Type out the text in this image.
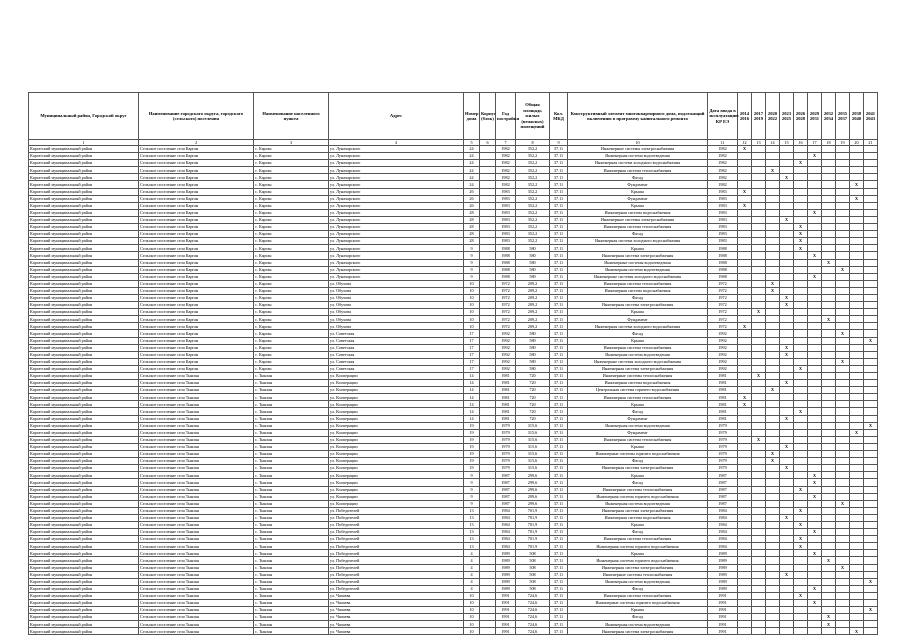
Муниципальный район, Городской округ	Наименование городского округа, городского (сельского) поселения	Наименование населенного пункта	Адрес	Номер дома	Корпус (блок)	Год постройки	Общая площадь жилых (нежилых) помещений	Кол. МКД	Конструктивный элемент многоквартирного дома, подлежащий включению в программу капитального ремонта	Дата ввода в эксплуатацию КР ЕЭ	2014 2016	2017 2019	2020 2022	2023 2025	2026 2028	2029 2031	2032 2034	2035 2037	2038 2040	2041 2043
1	2	3	4	5	6	7	8	9	10	11	12	13	14	15	16	17	18	19	20	21
Каргатский муниципальный район	Сельское поселение села Карган	с. Карган	ул. Луначарского	24		1982	352,2	37.11	Инженерные системы электроснабжения	1982	X									
Каргатский муниципальный район	Сельское поселение села Карган	с. Карган	ул. Луначарского	24		1982	352,2	37.11	Инженерная система водоотведения	1982						X				
Каргатский муниципальный район	Сельское поселение села Карган	с. Карган	ул. Луначарского	24		1982	352,2	37.11	Инженерная система холодного водоснабжения	1982					X					
Каргатский муниципальный район	Сельское поселение села Карган	с. Карган	ул. Луначарского	24		1982	352,2	37.11	Инженерная система теплоснабжения	1982			X							
Каргатский муниципальный район	Сельское поселение села Карган	с. Карган	ул. Луначарского	24		1982	352,2	37.11	Фасад	1982				X						
Каргатский муниципальный район	Сельское поселение села Карган	с. Карган	ул. Луначарского	24		1982	352,2	37.11	Фундамент	1982									X	
Каргатский муниципальный район	Сельское поселение села Карган	с. Карган	ул. Луначарского	26		1983	352,2	37.11	Крыша	1983	X									
Каргатский муниципальный район	Сельское поселение села Карган	с. Карган	ул. Луначарского	26		1983	352,2	37.11	Фундамент	1983									X	
Каргатский муниципальный район	Сельское поселение села Карган	с. Карган	ул. Луначарского	26		1983	352,2	37.11	Крыша	1983	X									
Каргатский муниципальный район	Сельское поселение села Карган	с. Карган	ул. Луначарского	28		1983	352,2	37.11	Инженерная система водоснабжения	1983						X				
Каргатский муниципальный район	Сельское поселение села Карган	с. Карган	ул. Луначарского	28		1983	352,2	37.11	Инженерные системы электроснабжения	1983				X						
Каргатский муниципальный район	Сельское поселение села Карган	с. Карган	ул. Луначарского	28		1983	352,2	37.11	Инженерная система теплоснабжения	1983					X					
Каргатский муниципальный район	Сельское поселение села Карган	с. Карган	ул. Луначарского	28		1983	352,2	37.11	Фасад	1983					X					
Каргатский муниципальный район	Сельское поселение села Карган	с. Карган	ул. Луначарского	28		1983	352,2	37.11	Инженерная система холодного водоснабжения	1983					X					
Каргатский муниципальный район	Сельское поселение села Карган	с. Карган	ул. Луначарского	9		1988	580	37.11	Крыша	1988					X					
Каргатский муниципальный район	Сельское поселение села Карган	с. Карган	ул. Луначарского	9		1988	580	37.11	Инженерная система электроснабжения	1988						X				
Каргатский муниципальный район	Сельское поселение села Карган	с. Карган	ул. Луначарского	9		1988	580	37.11	Инженерные системы водоотведения	1988							X			
Каргатский муниципальный район	Сельское поселение села Карган	с. Карган	ул. Луначарского	9		1988	580	37.11	Инженерная система водоотведения	1988								X		
Каргатский муниципальный район	Сельское поселение села Карган	с. Карган	ул. Луначарского	9		1988	580	37.11	Инженерные системы холодного водоснабжения	1988						X				
Каргатский муниципальный район	Сельское поселение села Карган	с. Карган	ул. Обухова	10		1972	209,2	37.11	Инженерная система теплоснабжения	1972			X							
Каргатский муниципальный район	Сельское поселение села Карган	с. Карган	ул. Обухова	10		1972	209,2	37.11	Инженерная система водоснабжения	1972			X							
Каргатский муниципальный район	Сельское поселение села Карган	с. Карган	ул. Обухова	10		1972	209,2	37.11	Фасад	1972				X						
Каргатский муниципальный район	Сельское поселение села Карган	с. Карган	ул. Обухова	10		1972	209,2	37.11	Инженерная система электроснабжения	1972				X						
Каргатский муниципальный район	Сельское поселение села Карган	с. Карган	ул. Обухова	10		1972	209,2	37.11	Крыша	1972		X								
Каргатский муниципальный район	Сельское поселение села Карган	с. Карган	ул. Обухова	10		1972	209,2	37.11	Фундамент	1972							X			
Каргатский муниципальный район	Сельское поселение села Карган	с. Карган	ул. Обухова	10		1972	209,2	37.11	Инженерная система холодного водоснабжения	1972	X									
Каргатский муниципальный район	Сельское поселение села Карган	с. Карган	ул. Советская	17		1992	580	37.11	Фасад	1992								X		
Каргатский муниципальный район	Сельское поселение села Карган	с. Карган	ул. Советская	17		1992	580	37.11	Крыша	1992										X
Каргатский муниципальный район	Сельское поселение села Карган	с. Карган	ул. Советская	17		1992	580	37.11	Инженерная система теплоснабжения	1992				X						
Каргатский муниципальный район	Сельское поселение села Карган	с. Карган	ул. Советская	17		1992	580	37.11	Инженерная система водоотведения	1992				X						
Каргатский муниципальный район	Сельское поселение села Карган	с. Карган	ул. Советская	17		1992	580	37.11	Инженерные системы холодного водоснабжения	1992								X		
Каргатский муниципальный район	Сельское поселение села Карган	с. Карган	ул. Советская	17		1992	580	37.11	Инженерная система электроснабжения	1992					X					
Каргатский муниципальный район	Сельское поселение села Тынзан	с. Тынзан	ул. Кооперации	14		1981	720	37.11	Инженерные системы теплоснабжения	1981		X								
Каргатский муниципальный район	Сельское поселение села Тынзан	с. Тынзан	ул. Кооперации	14		1981	720	37.11	Инженерная система водоснабжения	1981				X						
Каргатский муниципальный район	Сельское поселение села Тынзан	с. Тынзан	ул. Кооперации	14		1981	720	37.11	Центральная система горячего водоснабжения	1981			X							
Каргатский муниципальный район	Сельское поселение села Тынзан	с. Тынзан	ул. Кооперации	14		1981	720	37.11	Инженерная система теплоснабжения	1981	X									
Каргатский муниципальный район	Сельское поселение села Тынзан	с. Тынзан	ул. Кооперации	14		1981	720	37.11	Крыша	1981	X									
Каргатский муниципальный район	Сельское поселение села Тынзан	с. Тынзан	ул. Кооперации	14		1981	720	37.11	Фасад	1981					X					
Каргатский муниципальный район	Сельское поселение села Тынзан	с. Тынзан	ул. Кооперации	14		1981	720	37.11	Фундамент	1981				X						
Каргатский муниципальный район	Сельское поселение села Тынзан	с. Тынзан	ул. Кооперации	19		1979	315,6	37.11	Инженерная система водоотведения	1979										X
Каргатский муниципальный район	Сельское поселение села Тынзан	с. Тынзан	ул. Кооперации	19		1979	315,6	37.11	Фундамент	1979									X	
Каргатский муниципальный район	Сельское поселение села Тынзан	с. Тынзан	ул. Кооперации	19		1979	315,6	37.11	Инженерная система теплоснабжения	1979		X								
Каргатский муниципальный район	Сельское поселение села Тынзан	с. Тынзан	ул. Кооперации	19		1979	315,6	37.11	Крыша	1979				X						
Каргатский муниципальный район	Сельское поселение села Тынзан	с. Тынзан	ул. Кооперации	19		1979	315,6	37.11	Инженерные системы горячего водоснабжения	1979			X							
Каргатский муниципальный район	Сельское поселение села Тынзан	с. Тынзан	ул. Кооперации	19		1979	315,6	37.11	Фасад	1979			X							
Каргатский муниципальный район	Сельское поселение села Тынзан	с. Тынзан	ул. Кооперации	19		1979	315,6	37.11	Инженерная система электроснабжения	1979				X						
Каргатский муниципальный район	Сельское поселение села Тынзан	с. Тынзан	ул. Кооперации	9		1987	299,6	37.11	Крыша	1987						X				
Каргатский муниципальный район	Сельское поселение села Тынзан	с. Тынзан	ул. Кооперации	9		1987	299,6	37.11	Фасад	1987						X				
Каргатский муниципальный район	Сельское поселение села Тынзан	с. Тынзан	ул. Кооперации	9		1987	299,6	37.11	Инженерные системы теплоснабжения	1987					X					
Каргатский муниципальный район	Сельское поселение села Тынзан	с. Тынзан	ул. Кооперации	9		1987	299,6	37.11	Инженерная система горячего водоснабжения	1987						X				
Каргатский муниципальный район	Сельское поселение села Тынзан	с. Тынзан	ул. Кооперации	9		1987	299,6	37.11	Инженерная система водоотведения	1987								X		
Каргатский муниципальный район	Сельское поселение села Тынзан	с. Тынзан	ул. Победителей	13		1984	701,9	37.11	Инженерная система электроснабжения	1984					X					
Каргатский муниципальный район	Сельское поселение села Тынзан	с. Тынзан	ул. Победителей	13		1984	701,9	37.11	Инженерная система водоснабжения	1984				X						
Каргатский муниципальный район	Сельское поселение села Тынзан	с. Тынзан	ул. Победителей	13		1984	701,9	37.11	Крыша	1984					X					
Каргатский муниципальный район	Сельское поселение села Тынзан	с. Тынзан	ул. Победителей	13		1984	701,9	37.11	Фасад	1984						X				
Каргатский муниципальный район	Сельское поселение села Тынзан	с. Тынзан	ул. Победителей	13		1984	701,9	37.11	Инженерная система теплоснабжения	1984					X					
Каргатский муниципальный район	Сельское поселение села Тынзан	с. Тынзан	ул. Победителей	13		1984	701,9	37.11	Инженерная система горячего водоснабжения	1984					X					
Каргатский муниципальный район	Сельское поселение села Тынзан	с. Тынзан	ул. Победителей	4		1989	508	37.11	Крыша	1989						X				
Каргатский муниципальный район	Сельское поселение села Тынзан	с. Тынзан	ул. Победителей	4		1989	508	37.11	Инженерная система горячего водоснабжения	1989							X			
Каргатский муниципальный район	Сельское поселение села Тынзан	с. Тынзан	ул. Победителей	4		1989	508	37.11	Инженерная система электроснабжения	1989								X		
Каргатский муниципальный район	Сельское поселение села Тынзан	с. Тынзан	ул. Победителей	4		1989	508	37.11	Инженерные системы теплоснабжения	1989				X						
Каргатский муниципальный район	Сельское поселение села Тынзан	с. Тынзан	ул. Победителей	4		1989	508	37.11	Инженерная система водоотведения	1989										X
Каргатский муниципальный район	Сельское поселение села Тынзан	с. Тынзан	ул. Победителей	4		1989	508	37.11	Фасад	1989						X				
Каргатский муниципальный район	Сельское поселение села Тынзан	с. Тынзан	ул. Чапаева	10		1991	724,6	37.11	Инженерная система теплоснабжения	1991					X					
Каргатский муниципальный район	Сельское поселение села Тынзан	с. Тынзан	ул. Чапаева	10		1991	724,6	37.11	Инженерные системы горячего водоснабжения	1991						X				
Каргатский муниципальный район	Сельское поселение села Тынзан	с. Тынзан	ул. Чапаева	10		1991	724,6	37.11	Крыша	1991										X
Каргатский муниципальный район	Сельское поселение села Тынзан	с. Тынзан	ул. Чапаева	10		1991	724,6	37.11	Фасад	1991							X			
Каргатский муниципальный район	Сельское поселение села Тынзан	с. Тынзан	ул. Чапаева	10		1991	724,6	37.11	Инженерная система водоотведения	1991							X			
Каргатский муниципальный район	Сельское поселение села Тынзан	с. Тынзан	ул. Чапаева	10		1991	724,6	37.11	Инженерная система электроснабжения	1991									X	
